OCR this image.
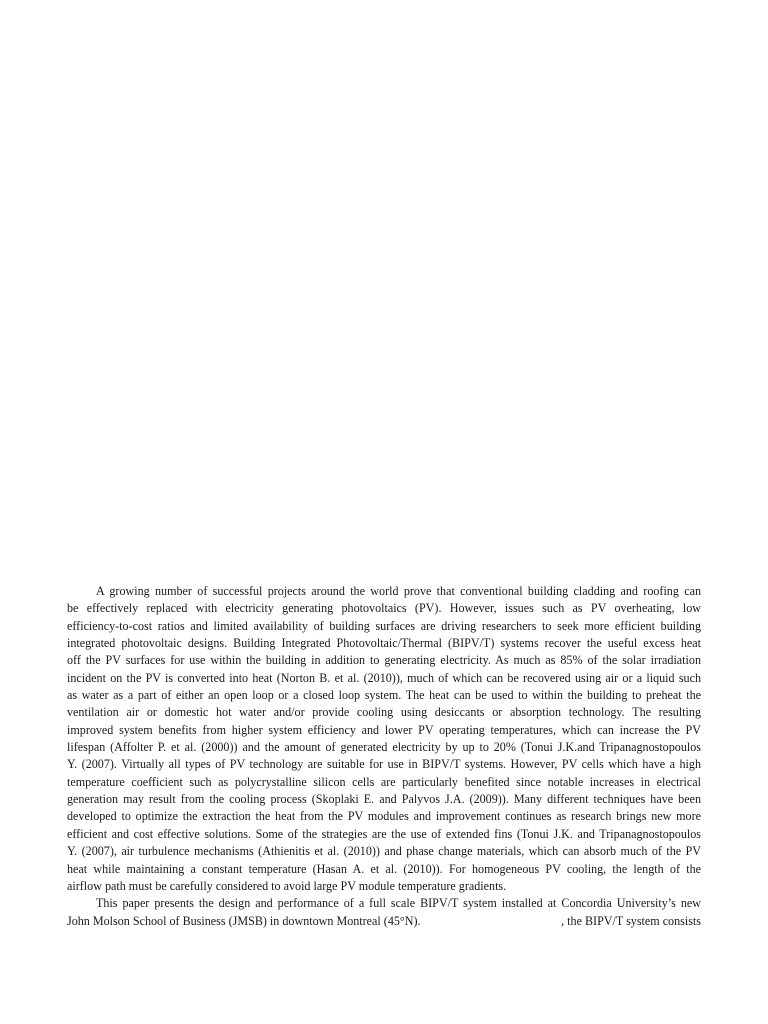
A growing number of successful projects around the world prove that conventional building cladding and roofing can
be effectively replaced with electricity generating photovoltaics (PV). However, issues such as PV overheating, low
efficiency-to-cost ratios and limited availability of building surfaces are driving researchers to seek more efficient building
integrated photovoltaic designs. Building Integrated Photovoltaic/Thermal (BIPV/T) systems recover the useful excess heat
off the PV surfaces for use within the building in addition to generating electricity. As much as 85% of the solar irradiation
incident on the PV is converted into heat (Norton B. et al. (2010)), much of which can be recovered using air or a liquid such
as water as a part of either an open loop or a closed loop system. The heat can be used to within the building to preheat the
ventilation air or domestic hot water and/or provide cooling using desiccants or absorption technology. The resulting
improved system benefits from higher system efficiency and lower PV operating temperatures, which can increase the PV
lifespan (Affolter P. et al. (2000)) and the amount of generated electricity by up to 20% (Tonui J.K.and Tripanagnostopoulos
Y. (2007). Virtually all types of PV technology are suitable for use in BIPV/T systems. However, PV cells which have a high
temperature coefficient such as polycrystalline silicon cells are particularly benefited since notable increases in electrical
generation may result from the cooling process (Skoplaki E. and Palyvos J.A. (2009)). Many different techniques have been
developed to optimize the extraction the heat from the PV modules and improvement continues as research brings new more
efficient and cost effective solutions. Some of the strategies are the use of extended fins (Tonui J.K. and Tripanagnostopoulos
Y. (2007), air turbulence mechanisms (Athienitis et al. (2010)) and phase change materials, which can absorb much of the PV
heat while maintaining a constant temperature (Hasan A. et al. (2010)). For homogeneous PV cooling, the length of the
airflow path must be carefully considered to avoid large PV module temperature gradients.
This paper presents the design and performance of a full scale BIPV/T system installed at Concordia University’s new
John Molson School of Business (JMSB) in downtown Montreal (45°N).	, the BIPV/T system consists
